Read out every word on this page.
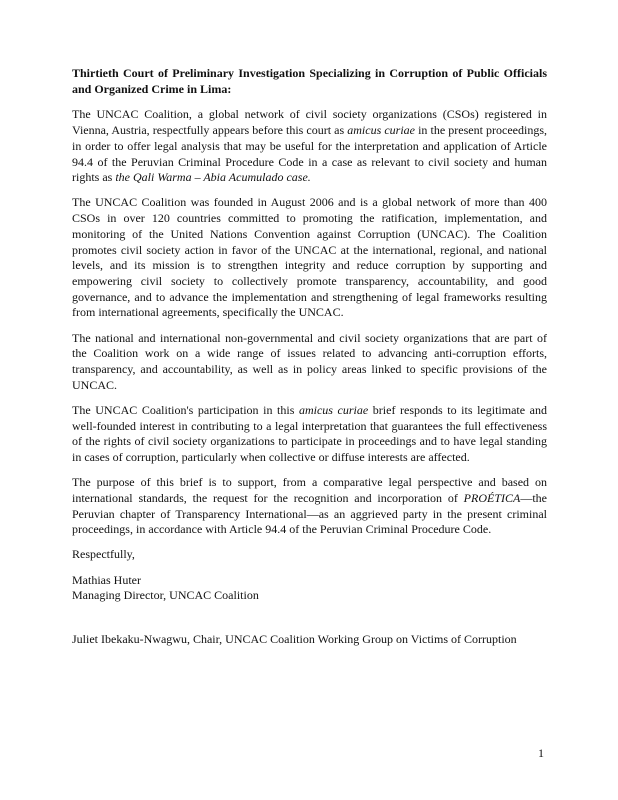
Thirtieth Court of Preliminary Investigation Specializing in Corruption of Public Officials and Organized Crime in Lima:

The UNCAC Coalition, a global network of civil society organizations (CSOs) registered in Vienna, Austria, respectfully appears before this court as amicus curiae in the present proceedings, in order to offer legal analysis that may be useful for the interpretation and application of Article 94.4 of the Peruvian Criminal Procedure Code in a case as relevant to civil society and human rights as the Qali Warma – Abia Acumulado case.

The UNCAC Coalition was founded in August 2006 and is a global network of more than 400 CSOs in over 120 countries committed to promoting the ratification, implementation, and monitoring of the United Nations Convention against Corruption (UNCAC). The Coalition promotes civil society action in favor of the UNCAC at the international, regional, and national levels, and its mission is to strengthen integrity and reduce corruption by supporting and empowering civil society to collectively promote transparency, accountability, and good governance, and to advance the implementation and strengthening of legal frameworks resulting from international agreements, specifically the UNCAC.

The national and international non-governmental and civil society organizations that are part of the Coalition work on a wide range of issues related to advancing anti-corruption efforts, transparency, and accountability, as well as in policy areas linked to specific provisions of the UNCAC.

The UNCAC Coalition's participation in this amicus curiae brief responds to its legitimate and well-founded interest in contributing to a legal interpretation that guarantees the full effectiveness of the rights of civil society organizations to participate in proceedings and to have legal standing in cases of corruption, particularly when collective or diffuse interests are affected.

The purpose of this brief is to support, from a comparative legal perspective and based on international standards, the request for the recognition and incorporation of PROÉTICA—the Peruvian chapter of Transparency International—as an aggrieved party in the present criminal proceedings, in accordance with Article 94.4 of the Peruvian Criminal Procedure Code.

Respectfully,

Mathias Huter

Managing Director, UNCAC Coalition

Juliet Ibekaku-Nwagwu, Chair, UNCAC Coalition Working Group on Victims of Corruption

1
